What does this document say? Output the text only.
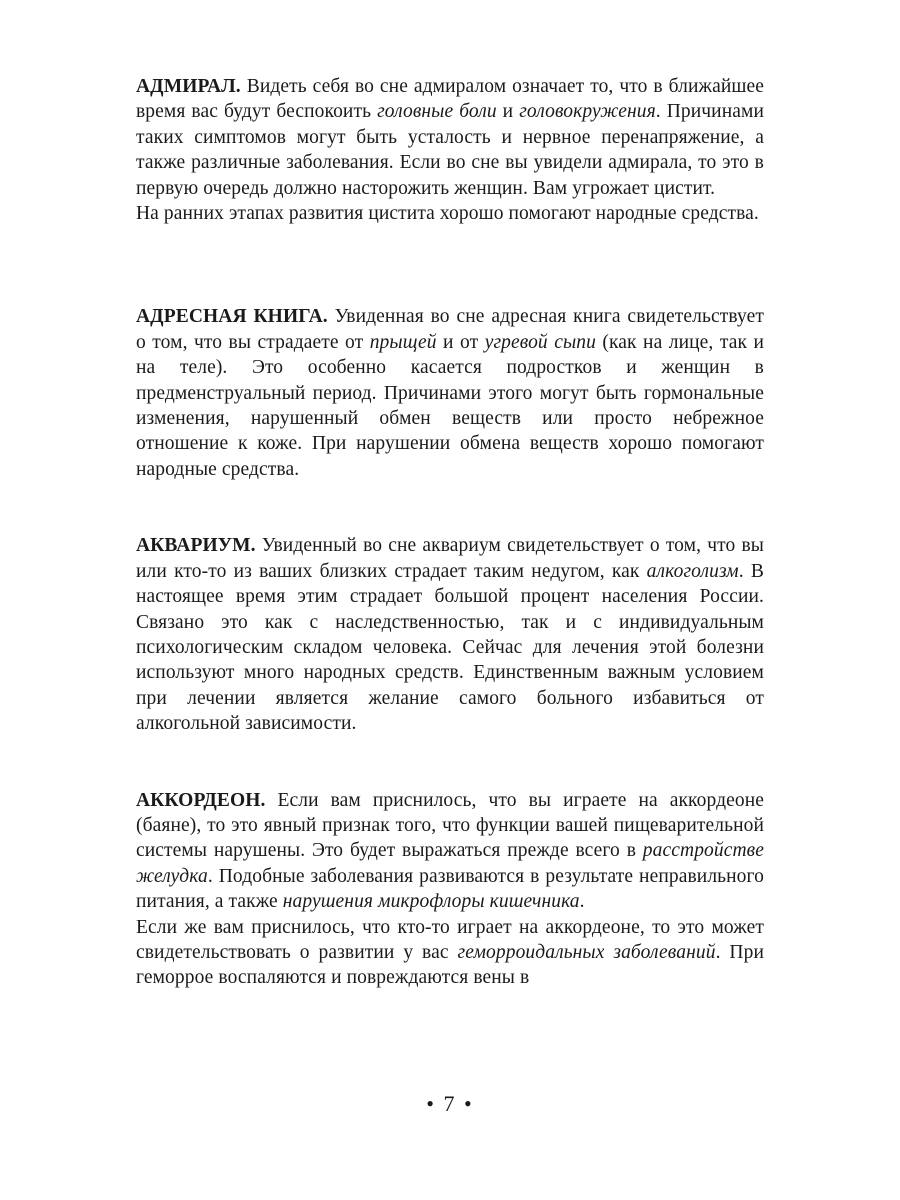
АДМИРАЛ. Видеть себя во сне адмиралом означает то, что в ближайшее время вас будут беспокоить головные боли и головокружения. Причинами таких симптомов могут быть усталость и нервное перенапряжение, а также различные заболевания. Если во сне вы увидели адмирала, то это в первую очередь должно насторожить женщин. Вам угрожает цистит.

На ранних этапах развития цистита хорошо помогают народные средства.

АДРЕСНАЯ КНИГА. Увиденная во сне адресная книга свидетельствует о том, что вы страдаете от прыщей и от угревой сыпи (как на лице, так и на теле). Это особенно касается подростков и женщин в предменструальный период. Причинами этого могут быть гормональные изменения, нарушенный обмен веществ или просто небрежное отношение к коже. При нарушении обмена веществ хорошо помогают народные средства.

АКВАРИУМ. Увиденный во сне аквариум свидетельствует о том, что вы или кто-то из ваших близких страдает таким недугом, как алкоголизм. В настоящее время этим страдает большой процент населения России. Связано это как с наследственностью, так и с индивидуальным психологическим складом человека. Сейчас для лечения этой болезни используют много народных средств. Единственным важным условием при лечении является желание самого больного избавиться от алкогольной зависимости.

АККОРДЕОН. Если вам приснилось, что вы играете на аккордеоне (баяне), то это явный признак того, что функции вашей пищеварительной системы нарушены. Это будет выражаться прежде всего в расстройстве желудка. Подобные заболевания развиваются в результате неправильного питания, а также нарушения микрофлоры кишечника.

Если же вам приснилось, что кто-то играет на аккордеоне, то это может свидетельствовать о развитии у вас геморроидальных заболеваний. При геморрое воспаляются и повреждаются вены в

• 7 •
